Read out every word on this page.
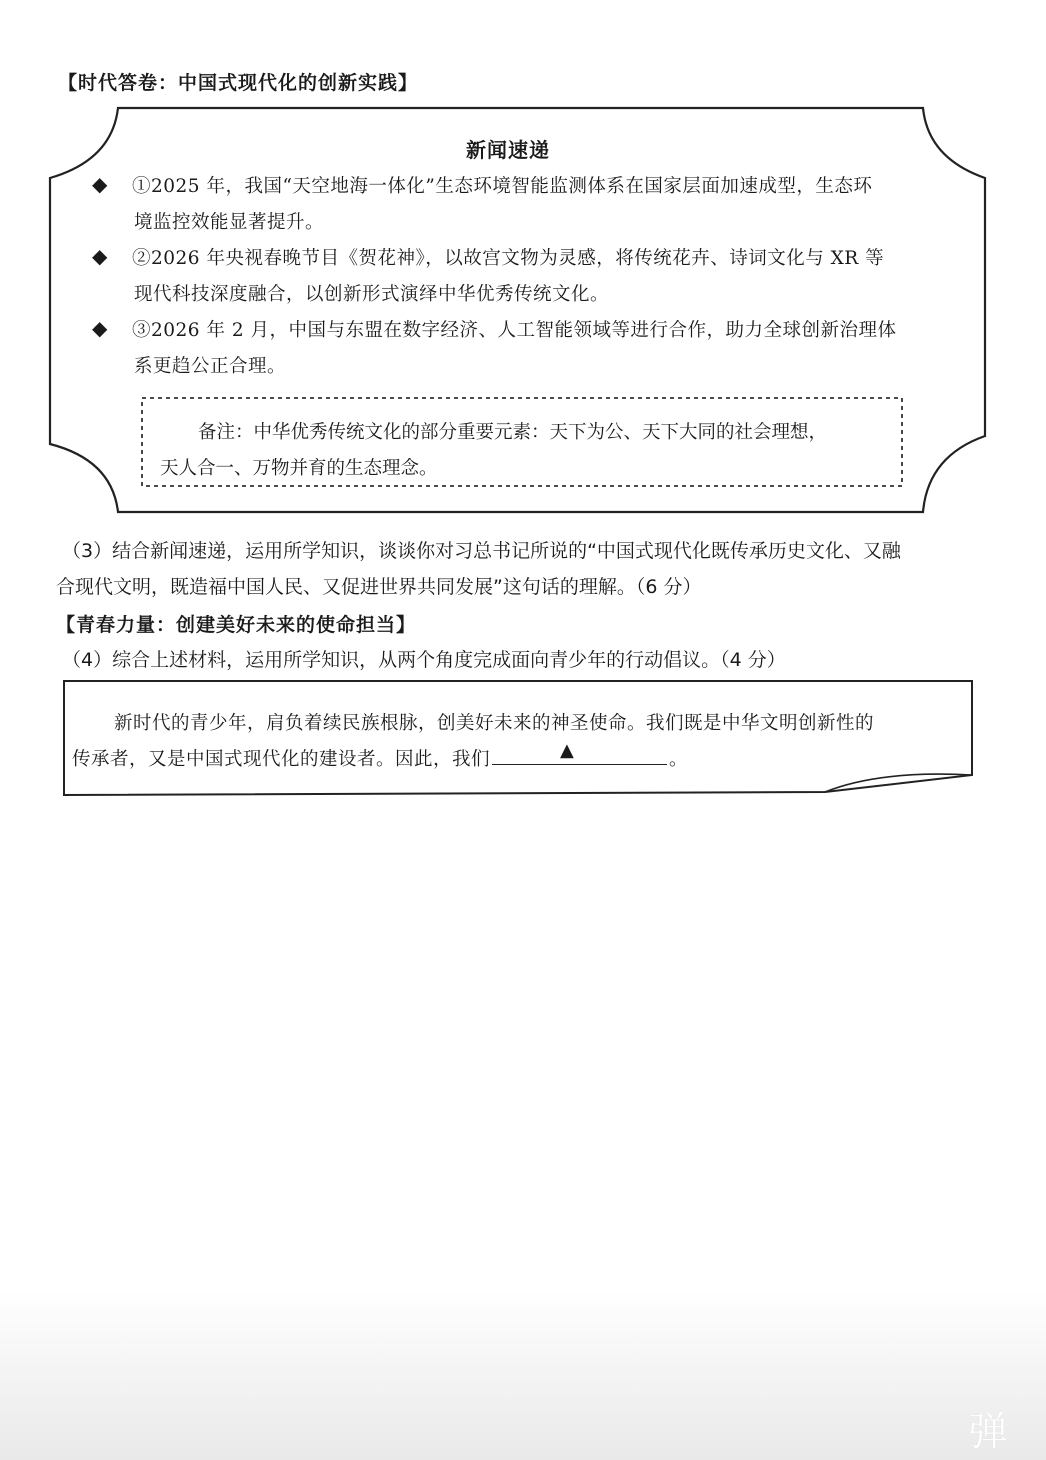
【时代答卷：中国式现代化的创新实践】
新闻速递
◆ ①2025 年，我国“天空地海一体化”生态环境智能监测体系在国家层面加速成型，生态环
境监控效能显著提升。
◆ ②2026 年央视春晚节目《贺花神》，以故宫文物为灵感，将传统花卉、诗词文化与 XR 等
现代科技深度融合，以创新形式演绎中华优秀传统文化。
◆ ③2026 年 2 月，中国与东盟在数字经济、人工智能领域等进行合作，助力全球创新治理体
系更趋公正合理。
备注：中华优秀传统文化的部分重要元素：天下为公、天下大同的社会理想，
天人合一、万物并育的生态理念。
（3）结合新闻速递，运用所学知识，谈谈你对习总书记所说的“中国式现代化既传承历史文化、又融
合现代文明，既造福中国人民、又促进世界共同发展”这句话的理解。（6 分）
【青春力量：创建美好未来的使命担当】
（4）综合上述材料，运用所学知识，从两个角度完成面向青少年的行动倡议。（4 分）
新时代的青少年，肩负着续民族根脉，创美好未来的神圣使命。我们既是中华文明创新性的
传承者，又是中国式现代化的建设者。因此，我们	▲	。
弹
